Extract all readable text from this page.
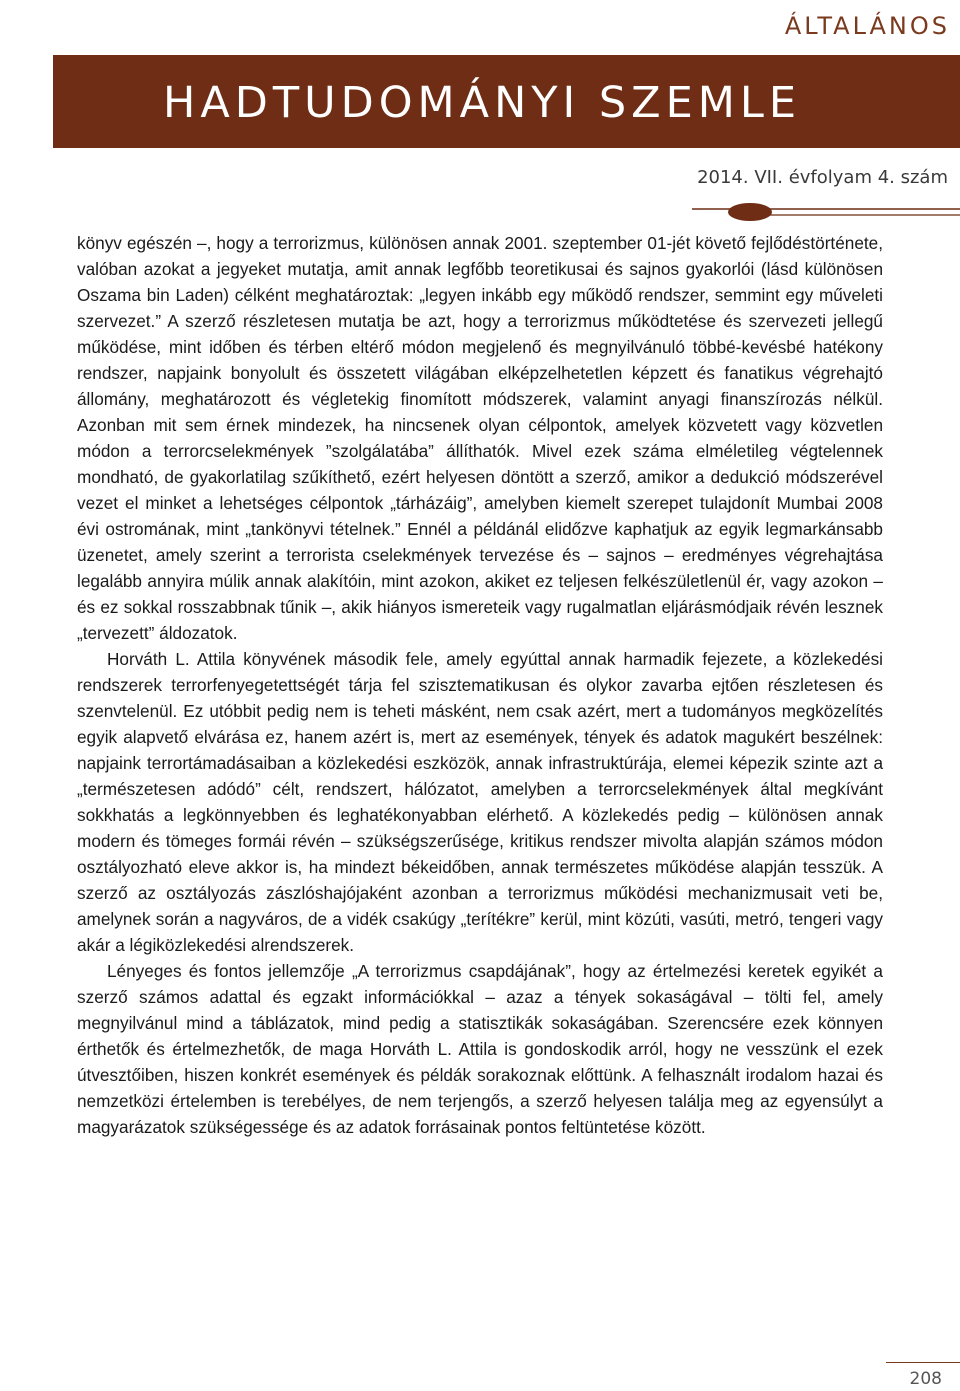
ÁLTALÁNOS
HADTUDOMÁNYI SZEMLE
2014. VII. évfolyam 4. szám

könyv egészén –, hogy a terrorizmus, különösen annak 2001. szeptember 01-jét követő fejlődéstörténete, valóban azokat a jegyeket mutatja, amit annak legfőbb teoretikusai és sajnos gyakorlói (lásd különösen Oszama bin Laden) célként meghatároztak: „legyen inkább egy működő rendszer, semmint egy műveleti szervezet.” A szerző részletesen mutatja be azt, hogy a terrorizmus működtetése és szervezeti jellegű működése, mint időben és térben eltérő módon megjelenő és megnyilvánuló többé-kevésbé hatékony rendszer, napjaink bonyolult és összetett világában elképzelhetetlen képzett és fanatikus végrehajtó állomány, meghatározott és végletekig finomított módszerek, valamint anyagi finanszírozás nélkül. Azonban mit sem érnek mindezek, ha nincsenek olyan célpontok, amelyek közvetett vagy közvetlen módon a terrorcselekmények ”szolgálatába” állíthatók. Mivel ezek száma elméletileg végtelennek mondható, de gyakorlatilag szűkíthető, ezért helyesen döntött a szerző, amikor a dedukció módszerével vezet el minket a lehetséges célpontok „tárházáig”, amelyben kiemelt szerepet tulajdonít Mumbai 2008 évi ostromának, mint „tankönyvi tételnek.” Ennél a példánál elidőzve kaphatjuk az egyik legmarkánsabb üzenetet, amely szerint a terrorista cselekmények tervezése és – sajnos – eredményes végrehajtása legalább annyira múlik annak alakítóin, mint azokon, akiket ez teljesen felkészületlenül ér, vagy azokon – és ez sokkal rosszabbnak tűnik –, akik hiányos ismereteik vagy rugalmatlan eljárásmódjaik révén lesznek „tervezett” áldozatok.

Horváth L. Attila könyvének második fele, amely egyúttal annak harmadik fejezete, a közlekedési rendszerek terrorfenyegetettségét tárja fel szisztematikusan és olykor zavarba ejtően részletesen és szenvtelenül. Ez utóbbit pedig nem is teheti másként, nem csak azért, mert a tudományos megközelítés egyik alapvető elvárása ez, hanem azért is, mert az események, tények és adatok magukért beszélnek: napjaink terrortámadásaiban a közlekedési eszközök, annak infrastruktúrája, elemei képezik szinte azt a „természetesen adódó” célt, rendszert, hálózatot, amelyben a terrorcselekmények által megkívánt sokkhatás a legkönnyebben és leghatékonyabban elérhető. A közlekedés pedig – különösen annak modern és tömeges formái révén – szükségszerűsége, kritikus rendszer mivolta alapján számos módon osztályozható eleve akkor is, ha mindezt békeidőben, annak természetes működése alapján tesszük. A szerző az osztályozás zászlóshajójaként azonban a terrorizmus működési mechanizmusait veti be, amelynek során a nagyváros, de a vidék csakúgy „terítékre” kerül, mint közúti, vasúti, metró, tengeri vagy akár a légiközlekedési alrendszerek.

Lényeges és fontos jellemzője „A terrorizmus csapdájának”, hogy az értelmezési keretek egyikét a szerző számos adattal és egzakt információkkal – azaz a tények sokaságával – tölti fel, amely megnyilvánul mind a táblázatok, mind pedig a statisztikák sokaságában. Szerencsére ezek könnyen érthetők és értelmezhetők, de maga Horváth L. Attila is gondoskodik arról, hogy ne vesszünk el ezek útvesztőiben, hiszen konkrét események és példák sorakoznak előttünk. A felhasznált irodalom hazai és nemzetközi értelemben is terebélyes, de nem terjengős, a szerző helyesen találja meg az egyensúlyt a magyarázatok szükségessége és az adatok forrásainak pontos feltüntetése között.

208
